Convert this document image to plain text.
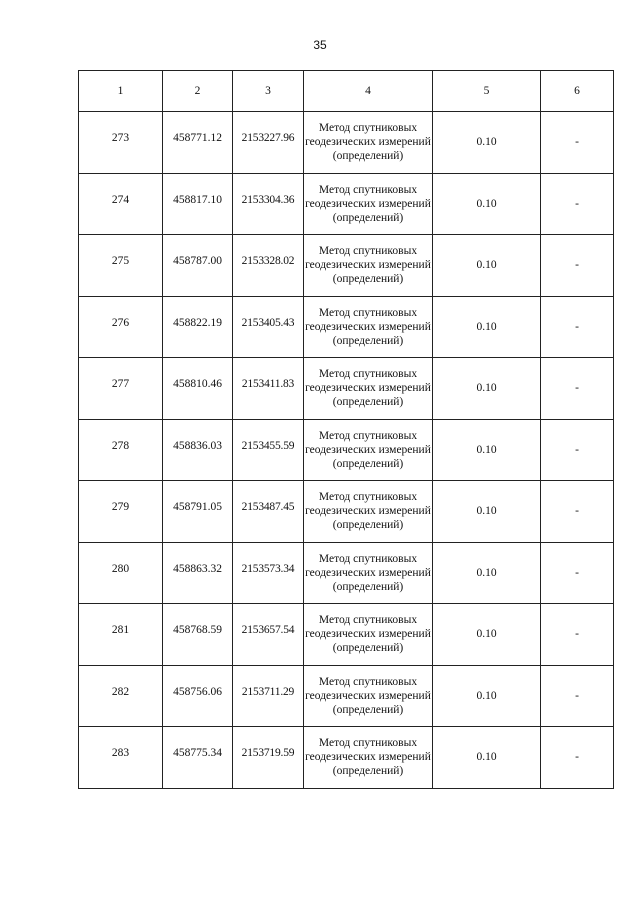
35
1	2	3	4	5	6
273	458771.12	2153227.96	Метод спутниковых геодезических измерений (определений)	0.10	-
274	458817.10	2153304.36	Метод спутниковых геодезических измерений (определений)	0.10	-
275	458787.00	2153328.02	Метод спутниковых геодезических измерений (определений)	0.10	-
276	458822.19	2153405.43	Метод спутниковых геодезических измерений (определений)	0.10	-
277	458810.46	2153411.83	Метод спутниковых геодезических измерений (определений)	0.10	-
278	458836.03	2153455.59	Метод спутниковых геодезических измерений (определений)	0.10	-
279	458791.05	2153487.45	Метод спутниковых геодезических измерений (определений)	0.10	-
280	458863.32	2153573.34	Метод спутниковых геодезических измерений (определений)	0.10	-
281	458768.59	2153657.54	Метод спутниковых геодезических измерений (определений)	0.10	-
282	458756.06	2153711.29	Метод спутниковых геодезических измерений (определений)	0.10	-
283	458775.34	2153719.59	Метод спутниковых геодезических измерений (определений)	0.10	-
